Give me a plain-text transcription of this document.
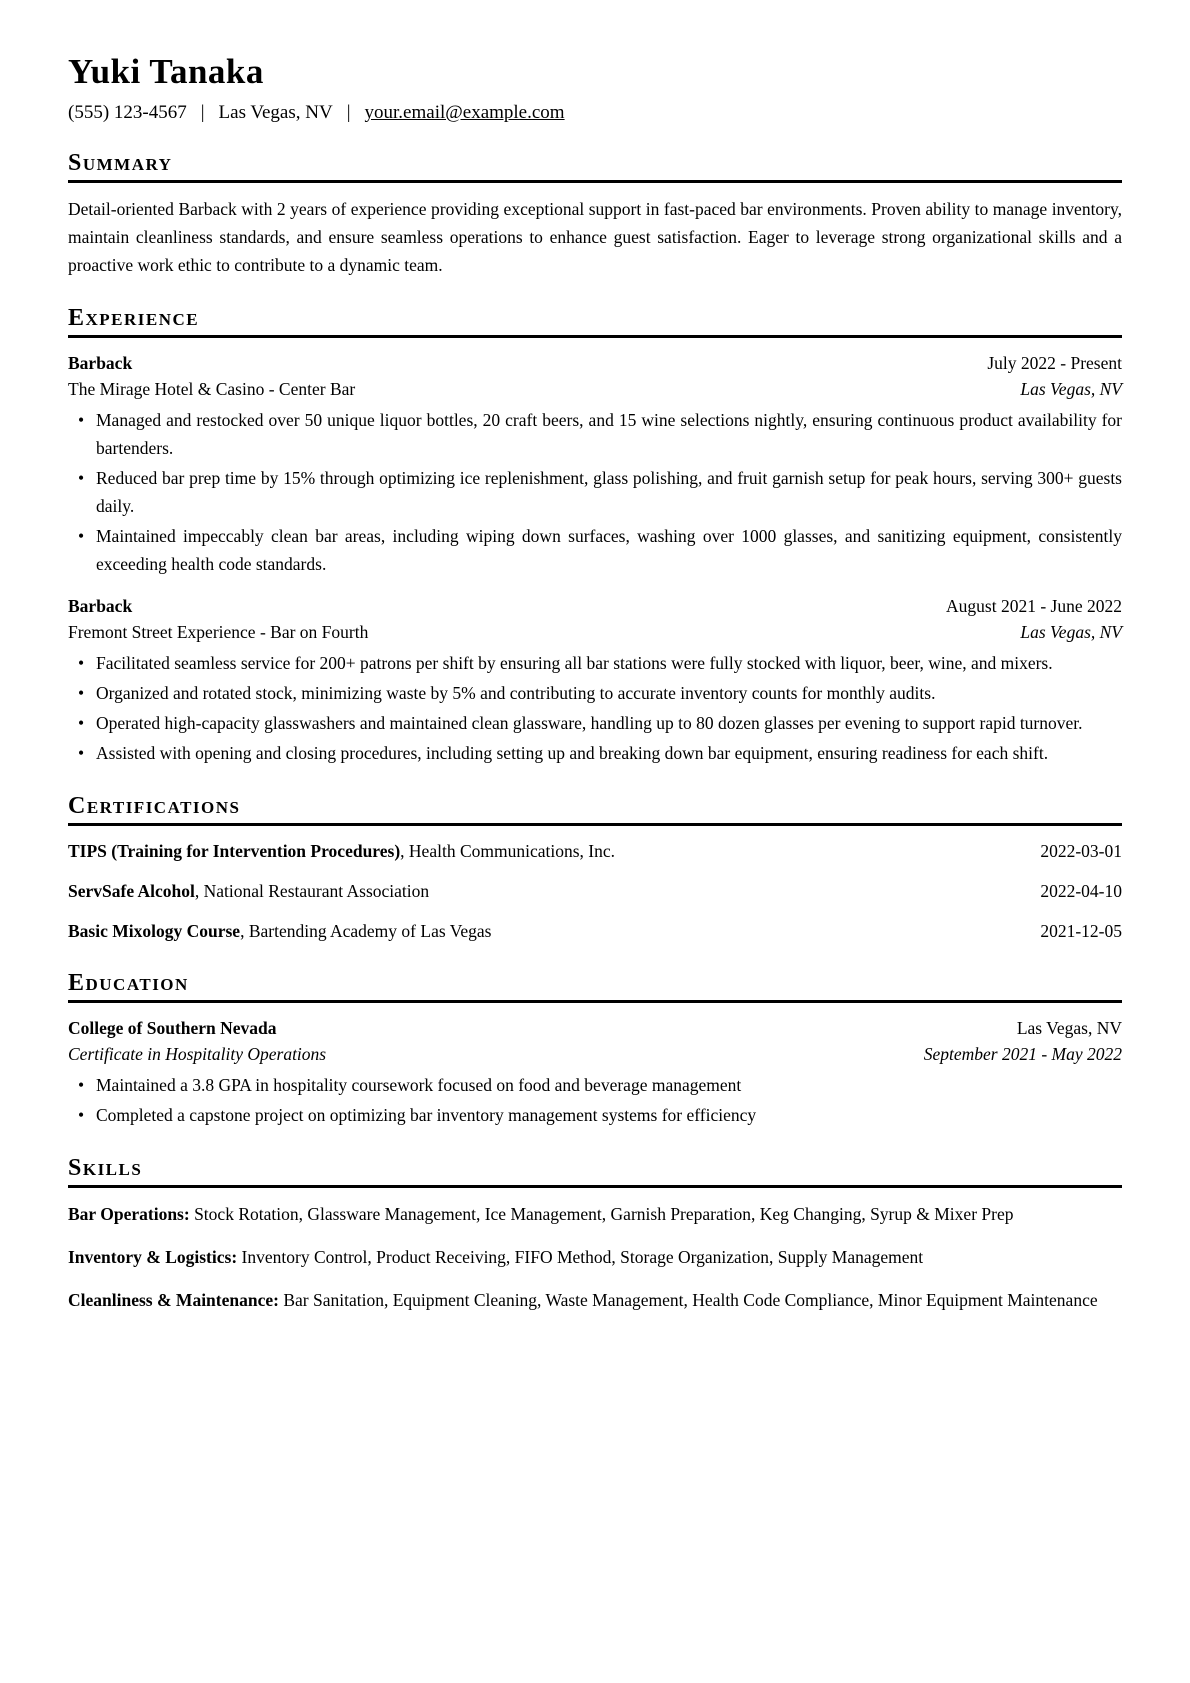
Yuki Tanaka
(555) 123-4567 | Las Vegas, NV | your.email@example.com
Summary

Detail-oriented Barback with 2 years of experience providing exceptional support in fast-paced bar environments. Proven ability to manage inventory, maintain cleanliness standards, and ensure seamless operations to enhance guest satisfaction. Eager to leverage strong organizational skills and a proactive work ethic to contribute to a dynamic team.

Experience
Barback	July 2022 - Present
The Mirage Hotel & Casino - Center Bar	Las Vegas, NV
• Managed and restocked over 50 unique liquor bottles, 20 craft beers, and 15 wine selections nightly, ensuring continuous product availability for bartenders.
• Reduced bar prep time by 15% through optimizing ice replenishment, glass polishing, and fruit garnish setup for peak hours, serving 300+ guests daily.
• Maintained impeccably clean bar areas, including wiping down surfaces, washing over 1000 glasses, and sanitizing equipment, consistently exceeding health code standards.
Barback	August 2021 - June 2022
Fremont Street Experience - Bar on Fourth	Las Vegas, NV
• Facilitated seamless service for 200+ patrons per shift by ensuring all bar stations were fully stocked with liquor, beer, wine, and mixers.
• Organized and rotated stock, minimizing waste by 5% and contributing to accurate inventory counts for monthly audits.
• Operated high-capacity glasswashers and maintained clean glassware, handling up to 80 dozen glasses per evening to support rapid turnover.
• Assisted with opening and closing procedures, including setting up and breaking down bar equipment, ensuring readiness for each shift.
Certifications
TIPS (Training for Intervention Procedures), Health Communications, Inc.	2022-03-01
ServSafe Alcohol, National Restaurant Association	2022-04-10
Basic Mixology Course, Bartending Academy of Las Vegas	2021-12-05
Education
College of Southern Nevada	Las Vegas, NV
Certificate in Hospitality Operations	September 2021 - May 2022
• Maintained a 3.8 GPA in hospitality coursework focused on food and beverage management
• Completed a capstone project on optimizing bar inventory management systems for efficiency
Skills

Bar Operations: Stock Rotation, Glassware Management, Ice Management, Garnish Preparation, Keg Changing, Syrup & Mixer Prep

Inventory & Logistics: Inventory Control, Product Receiving, FIFO Method, Storage Organization, Supply Management

Cleanliness & Maintenance: Bar Sanitation, Equipment Cleaning, Waste Management, Health Code Compliance, Minor Equipment Maintenance
